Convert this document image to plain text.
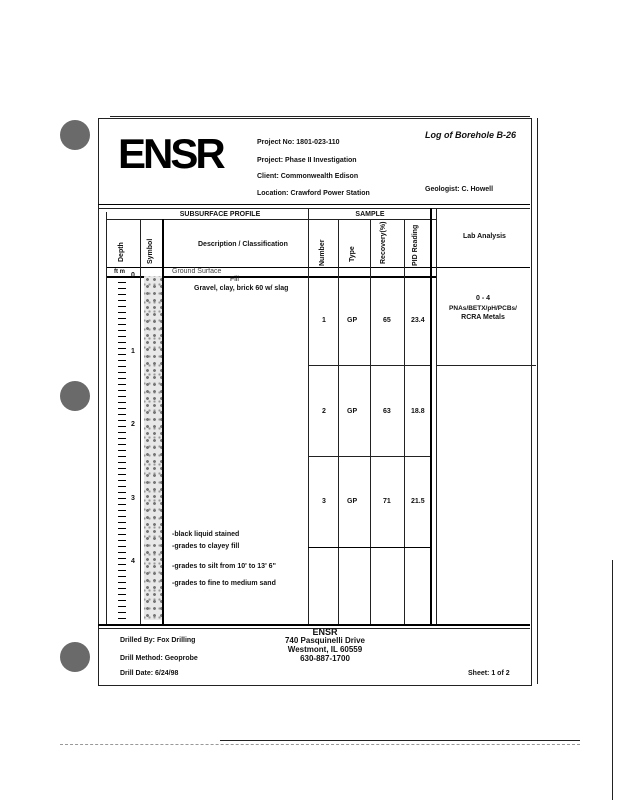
ENSR	Log of Borehole B-26
Project No: 1801-023-110
Project: Phase II Investigation
Client: Commonwealth Edison
Location: Crawford Power Station
Geologist: C. Howell
SUBSURFACE PROFILE	SAMPLE
Depth	Symbol	Description / Classification	Number	Type	Recovery(%)	PID Reading	Lab Analysis
ft m 0
1
2
3
4
Ground Surface
Fill
Gravel, clay, brick 60 w/ slag
-black liquid stained
-grades to clayey fill
-grades to silt from 10' to 13' 6"
-grades to fine to medium sand
1	GP	65	23.4
2	GP	63	18.8
3	GP	71	21.5
0 - 4
PNAs/BETX/pH/PCBs/
RCRA Metals
Drilled By: Fox Drilling
Drill Method: Geoprobe
Drill Date: 6/24/98
ENSR
740 Pasquinelli Drive
Westmont, IL 60559
630-887-1700
Sheet: 1 of 2
